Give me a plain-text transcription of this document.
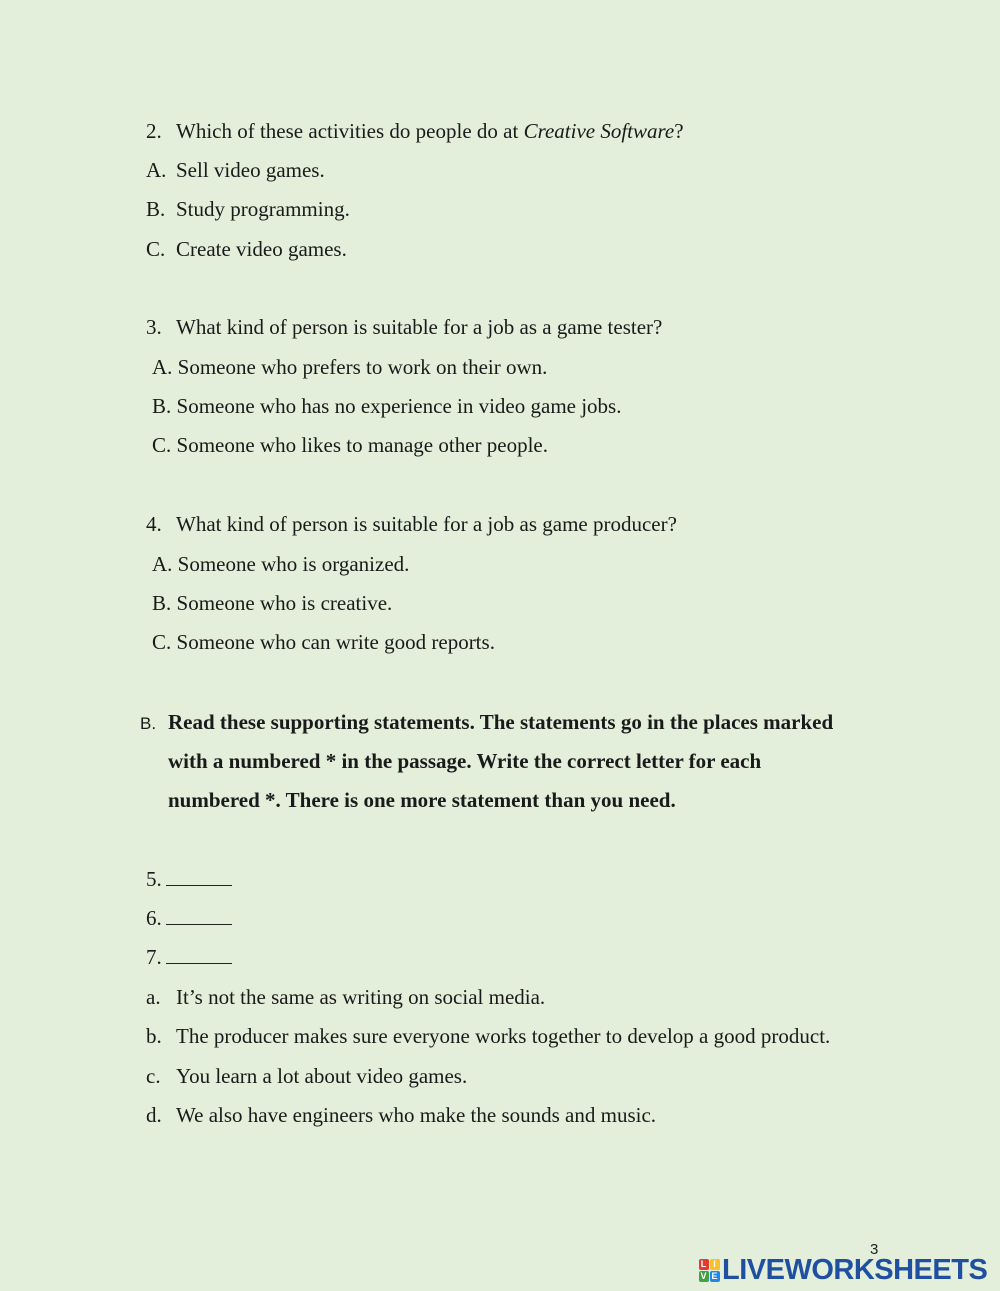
2. Which of these activities do people do at Creative Software?
A. Sell video games.
B. Study programming.
C. Create video games.
3. What kind of person is suitable for a job as a game tester?
A. Someone who prefers to work on their own.
B. Someone who has no experience in video game jobs.
C. Someone who likes to manage other people.
4. What kind of person is suitable for a job as game producer?
A. Someone who is organized.
B. Someone who is creative.
C. Someone who can write good reports.
B. Read these supporting statements. The statements go in the places marked
with a numbered * in the passage. Write the correct letter for each
numbered *. There is one more statement than you need.
5.
6.
7.
a. It’s not the same as writing on social media.
b. The producer makes sure everyone works together to develop a good product.
c. You learn a lot about video games.
d. We also have engineers who make the sounds and music.
3
L I
V E LIVEWORKSHEETS
